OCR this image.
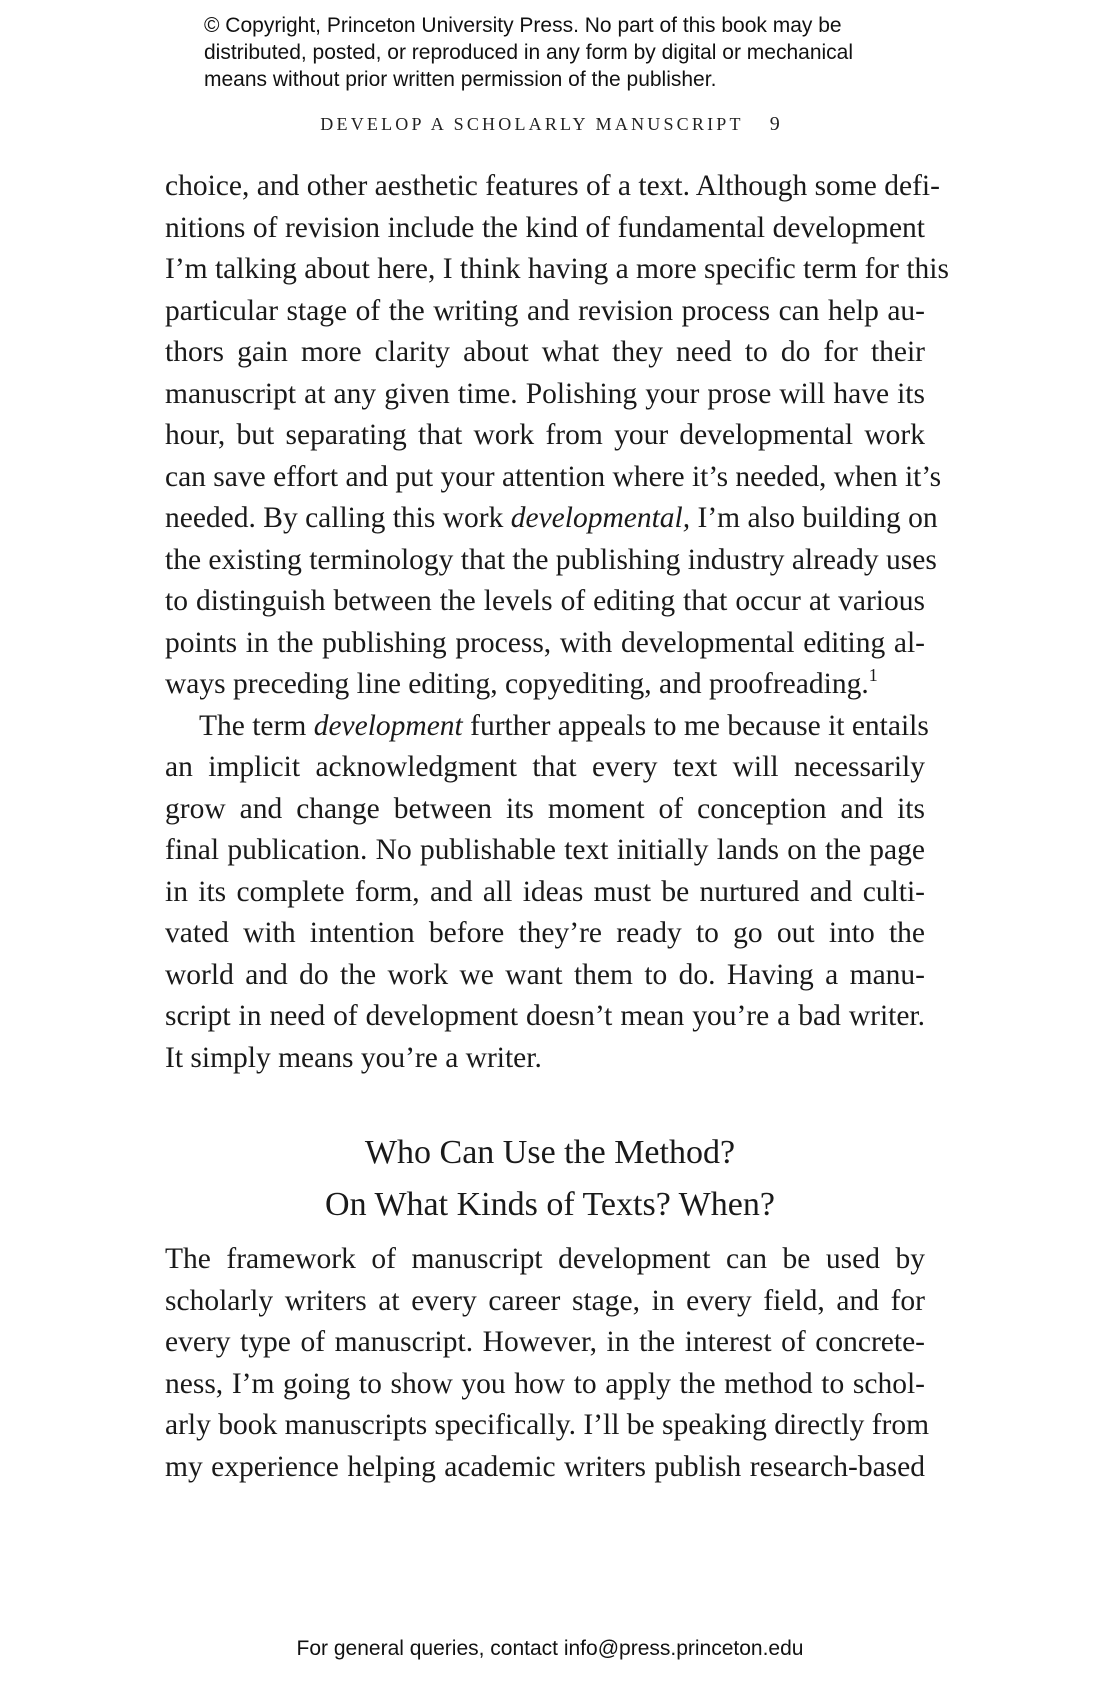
© Copyright, Princeton University Press. No part of this book may be
distributed, posted, or reproduced in any form by digital or mechanical
means without prior written permission of the publisher.
DEVELOP A SCHOLARLY MANUSCRIPT 9
choice, and other aesthetic features of a text. Although some defi-
nitions of revision include the kind of fundamental development
I’m talking about here, I think having a more specific term for this
particular stage of the writing and revision process can help au-
thors gain more clarity about what they need to do for their
manuscript at any given time. Polishing your prose will have its
hour, but separating that work from your developmental work
can save effort and put your attention where it’s needed, when it’s
needed. By calling this work developmental, I’m also building on
the existing terminology that the publishing industry already uses
to distinguish between the levels of editing that occur at various
points in the publishing process, with developmental editing al-
ways preceding line editing, copyediting, and proofreading.$^1$
The term development further appeals to me because it entails
an implicit acknowledgment that every text will necessarily
grow and change between its moment of conception and its
final publication. No publishable text initially lands on the page
in its complete form, and all ideas must be nurtured and culti-
vated with intention before they’re ready to go out into the
world and do the work we want them to do. Having a manu-
script in need of development doesn’t mean you’re a bad writer.
It simply means you’re a writer.
Who Can Use the Method?
On What Kinds of Texts? When?
The framework of manuscript development can be used by
scholarly writers at every career stage, in every field, and for
every type of manuscript. However, in the interest of concrete-
ness, I’m going to show you how to apply the method to schol-
arly book manuscripts specifically. I’ll be speaking directly from
my experience helping academic writers publish research-based
For general queries, contact info@press.princeton.edu
